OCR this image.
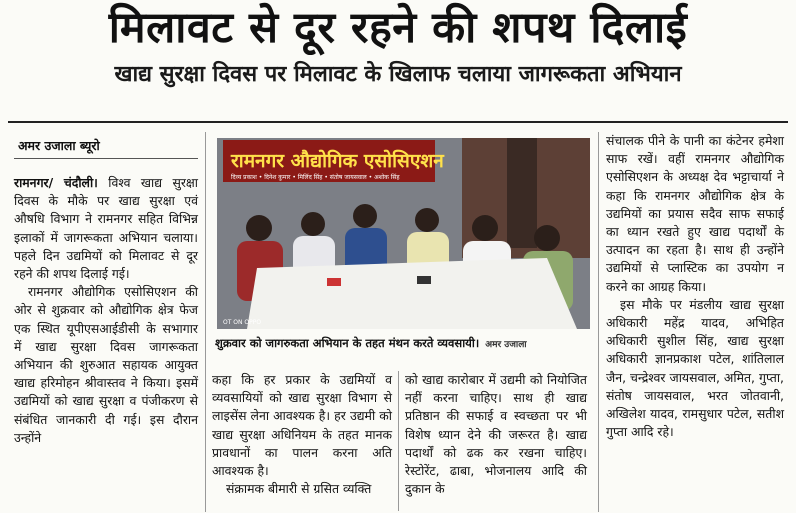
मिलावट से दूर रहने की शपथ दिलाई
खाद्य सुरक्षा दिवस पर मिलावट के खिलाफ चलाया जागरूकता अभियान
अमर उजाला ब्यूरो
रामनगर/ चंदौली। विश्व खाद्य सुरक्षा दिवस के मौके पर खाद्य सुरक्षा एवं औषधि विभाग ने रामनगर सहित विभिन्न इलाकों में जागरूकता अभियान चलाया। पहले दिन उद्यमियों को मिलावट से दूर रहने की शपथ दिलाई गई।
रामनगर औद्योगिक एसोसिएशन की ओर से शुक्रवार को औद्योगिक क्षेत्र फेज एक स्थित यूपीएसआईडीसी के सभागार में खाद्य सुरक्षा दिवस जागरूकता अभियान की शुरुआत सहायक आयुक्त खाद्य हरिमोहन श्रीवास्तव ने किया। इसमें उद्यमियों को खाद्य सुरक्षा व पंजीकरण से संबंधित जानकारी दी गई। इस दौरान उन्होंने
रामनगर औद्योगिक एसोसिएशन
दिव्य प्रकाश • दिनेश कुमार • मिलिंद सिंह • संतोष जायसवाल • अशोक सिंह
OT ON OPPO
शुक्रवार को जागरुकता अभियान के तहत मंथन करते व्यवसायी। अमर उजाला
कहा कि हर प्रकार के उद्यमियों व व्यवसायियों को खाद्य सुरक्षा विभाग से लाइसेंस लेना आवश्यक है। हर उद्यमी को खाद्य सुरक्षा अधिनियम के तहत मानक प्रावधानों का पालन करना अति आवश्यक है।
संक्रामक बीमारी से ग्रसित व्यक्ति
को खाद्य कारोबार में उद्यमी को नियोजित नहीं करना चाहिए। साथ ही खाद्य प्रतिष्ठान की सफाई व स्वच्छता पर भी विशेष ध्यान देने की जरूरत है। खाद्य पदार्थों को ढक कर रखना चाहिए। रेस्टोरेंट, ढाबा, भोजनालय आदि की दुकान के
संचालक पीने के पानी का कंटेनर हमेशा साफ रखें। वहीं रामनगर औद्योगिक एसोसिएशन के अध्यक्ष देव भट्टाचार्या ने कहा कि रामनगर औद्योगिक क्षेत्र के उद्यमियों का प्रयास सदैव साफ सफाई का ध्यान रखते हुए खाद्य पदार्थों के उत्पादन का रहता है। साथ ही उन्होंने उद्यमियों से प्लास्टिक का उपयोग न करने का आग्रह किया।
इस मौके पर मंडलीय खाद्य सुरक्षा अधिकारी महेंद्र यादव, अभिहित अधिकारी सुशील सिंह, खाद्य सुरक्षा अधिकारी ज्ञानप्रकाश पटेल, शांतिलाल जैन, चन्द्रेश्वर जायसवाल, अमित, गुप्ता, संतोष जायसवाल, भरत जोतवानी, अखिलेश यादव, रामसुधार पटेल, सतीश गुप्ता आदि रहे।
